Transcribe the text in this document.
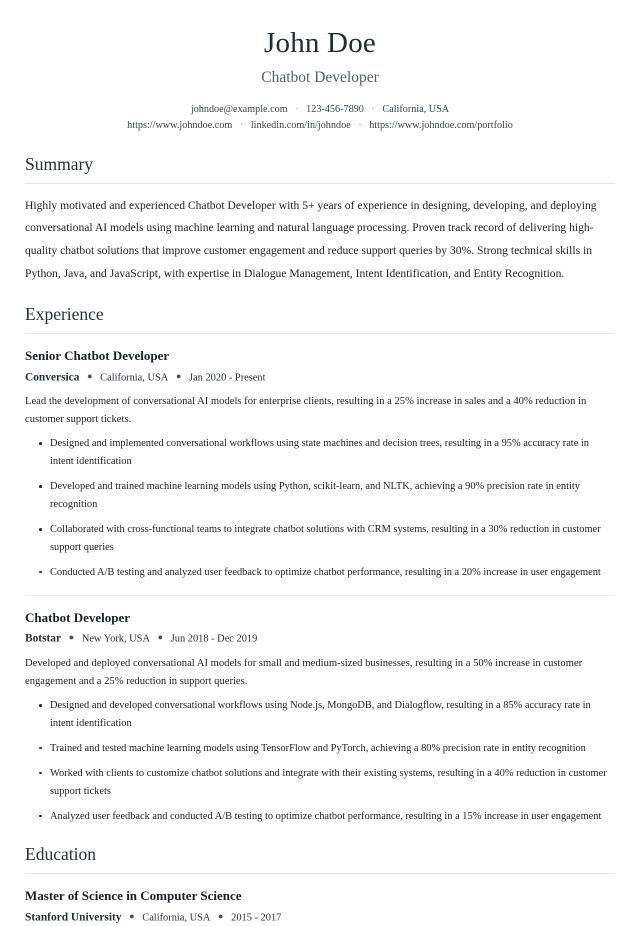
John Doe
Chatbot Developer
johndoe@example.com · 123-456-7890 · California, USA
https://www.johndoe.com · linkedin.com/in/johndoe · https://www.johndoe.com/portfolio
Summary
Highly motivated and experienced Chatbot Developer with 5+ years of experience in designing, developing, and deploying conversational AI models using machine learning and natural language processing. Proven track record of delivering high-quality chatbot solutions that improve customer engagement and reduce support queries by 30%. Strong technical skills in Python, Java, and JavaScript, with expertise in Dialogue Management, Intent Identification, and Entity Recognition.
Experience
Senior Chatbot Developer
Conversica ● California, USA ● Jan 2020 - Present
Lead the development of conversational AI models for enterprise clients, resulting in a 25% increase in sales and a 40% reduction in customer support tickets.
Designed and implemented conversational workflows using state machines and decision trees, resulting in a 95% accuracy rate in intent identification
Developed and trained machine learning models using Python, scikit-learn, and NLTK, achieving a 90% precision rate in entity recognition
Collaborated with cross-functional teams to integrate chatbot solutions with CRM systems, resulting in a 30% reduction in customer support queries
Conducted A/B testing and analyzed user feedback to optimize chatbot performance, resulting in a 20% increase in user engagement
Chatbot Developer
Botstar ● New York, USA ● Jun 2018 - Dec 2019
Developed and deployed conversational AI models for small and medium-sized businesses, resulting in a 50% increase in customer engagement and a 25% reduction in support queries.
Designed and developed conversational workflows using Node.js, MongoDB, and Dialogflow, resulting in a 85% accuracy rate in intent identification
Trained and tested machine learning models using TensorFlow and PyTorch, achieving a 80% precision rate in entity recognition
Worked with clients to customize chatbot solutions and integrate with their existing systems, resulting in a 40% reduction in customer support tickets
Analyzed user feedback and conducted A/B testing to optimize chatbot performance, resulting in a 15% increase in user engagement
Education
Master of Science in Computer Science
Stanford University ● California, USA ● 2015 - 2017
